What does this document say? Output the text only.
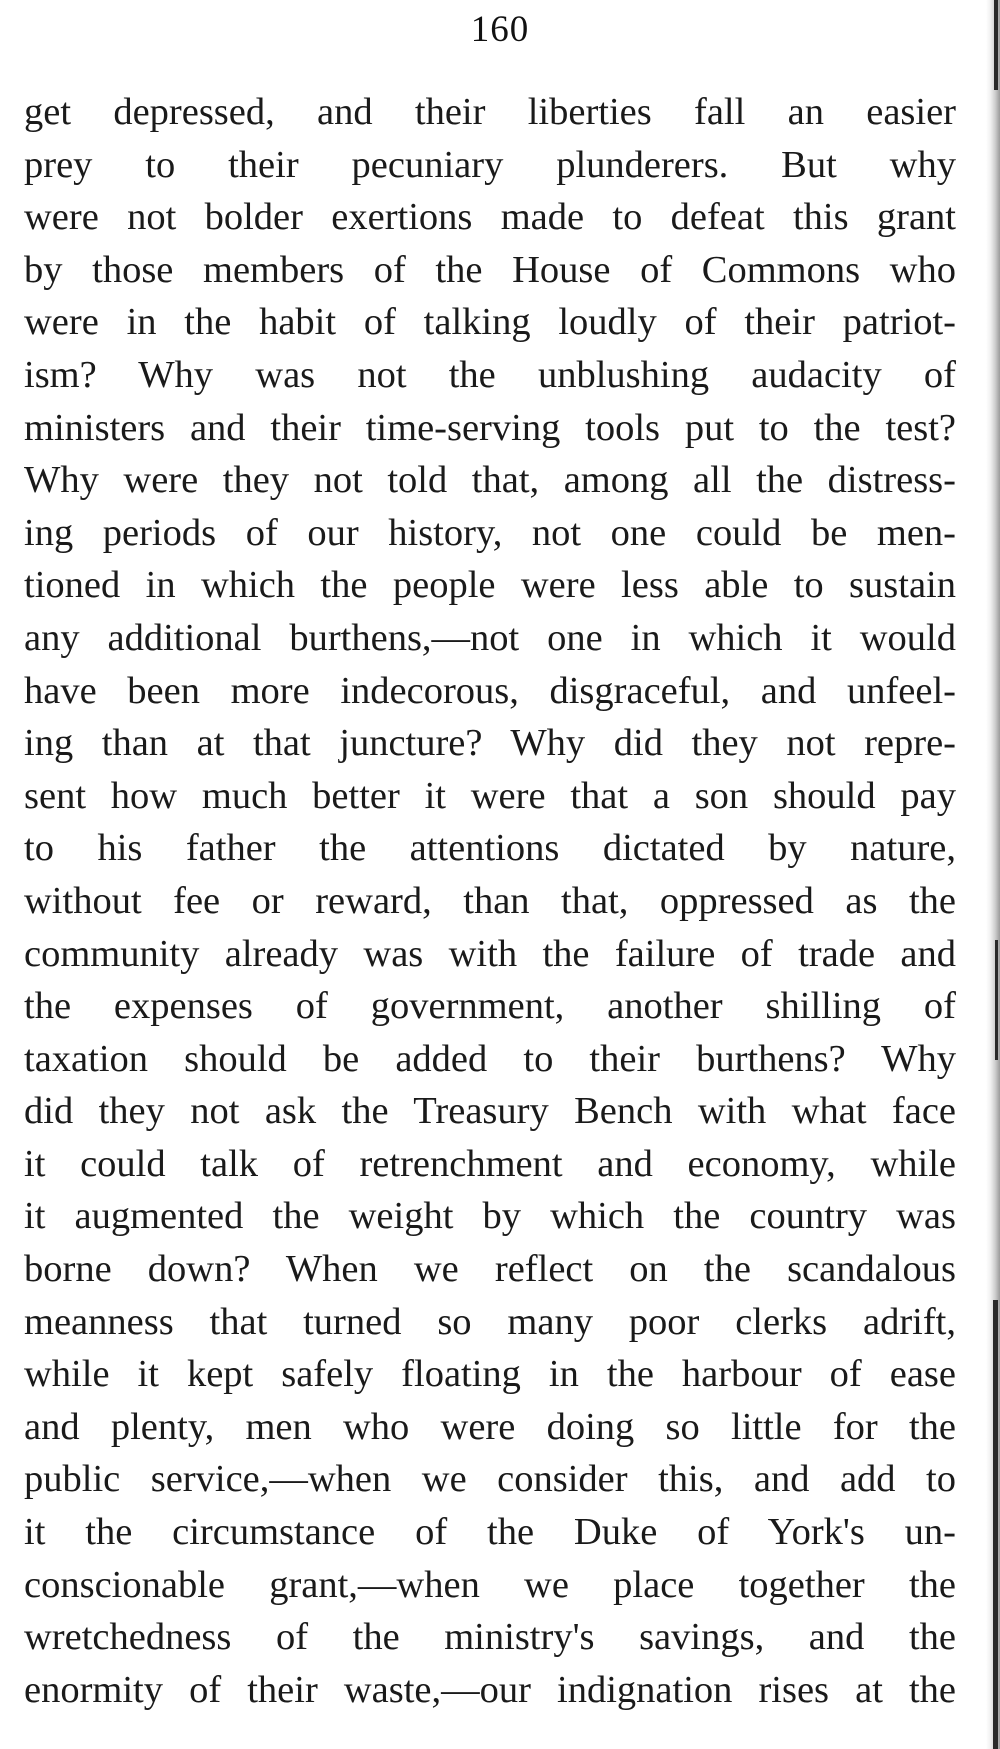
160
get depressed, and their liberties fall an easier
prey to their pecuniary plunderers. But why
were not bolder exertions made to defeat this grant
by those members of the House of Commons who
were in the habit of talking loudly of their patriot-
ism? Why was not the unblushing audacity of
ministers and their time-serving tools put to the test?
Why were they not told that, among all the distress-
ing periods of our history, not one could be men-
tioned in which the people were less able to sustain
any additional burthens,—not one in which it would
have been more indecorous, disgraceful, and unfeel-
ing than at that juncture? Why did they not repre-
sent how much better it were that a son should pay
to his father the attentions dictated by nature,
without fee or reward, than that, oppressed as the
community already was with the failure of trade and
the expenses of government, another shilling of
taxation should be added to their burthens? Why
did they not ask the Treasury Bench with what face
it could talk of retrenchment and economy, while
it augmented the weight by which the country was
borne down? When we reflect on the scandalous
meanness that turned so many poor clerks adrift,
while it kept safely floating in the harbour of ease
and plenty, men who were doing so little for the
public service,—when we consider this, and add to
it the circumstance of the Duke of York's un-
conscionable grant,—when we place together the
wretchedness of the ministry's savings, and the
enormity of their waste,—our indignation rises at the
